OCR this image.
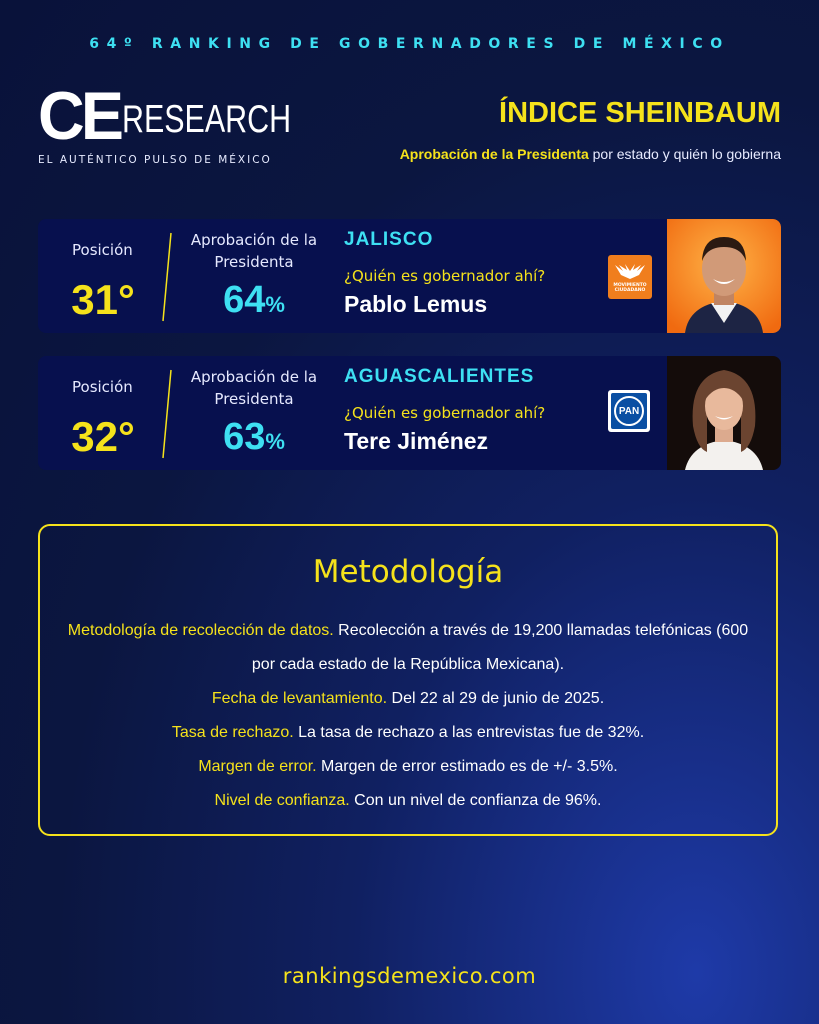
64º RANKING DE GOBERNADORES DE MÉXICO
CE RESEARCH
EL AUTÉNTICO PULSO DE MÉXICO
ÍNDICE SHEINBAUM
Aprobación de la Presidenta por estado y quién lo gobierna
Posición
31°
Aprobación de la Presidenta
64%
JALISCO
¿Quién es gobernador ahí?
Pablo Lemus
MOVIMIENTO CIUDADANO
Posición
32°
Aprobación de la Presidenta
63%
AGUASCALIENTES
¿Quién es gobernador ahí?
Tere Jiménez
PAN
Metodología
Metodología de recolección de datos. Recolección a través de 19,200 llamadas telefónicas (600 por cada estado de la República Mexicana).
Fecha de levantamiento. Del 22 al 29 de junio de 2025.
Tasa de rechazo. La tasa de rechazo a las entrevistas fue de 32%.
Margen de error. Margen de error estimado es de +/- 3.5%.
Nivel de confianza. Con un nivel de confianza de 96%.
rankingsdemexico.com
